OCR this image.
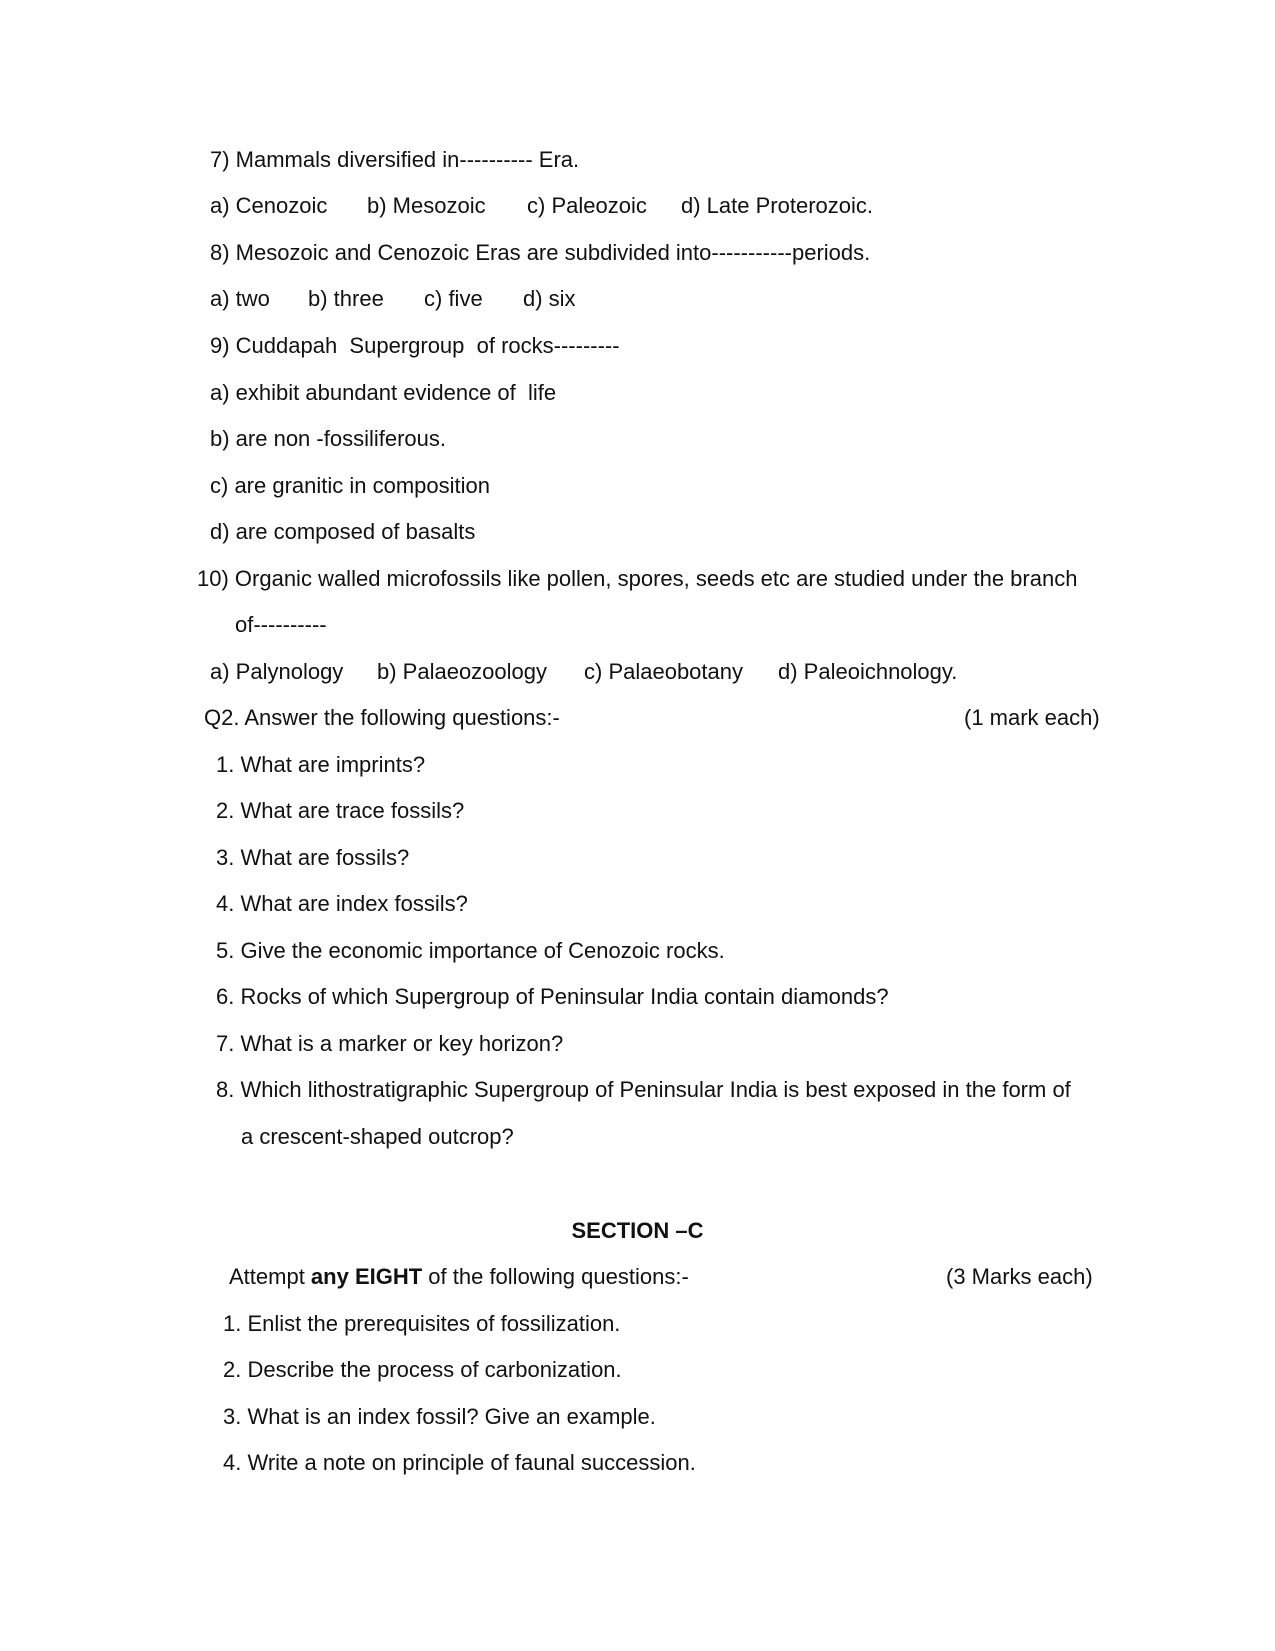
7) Mammals diversified in---------- Era.
a) Cenozoic b) Mesozoic c) Paleozoic d) Late Proterozoic.
8) Mesozoic and Cenozoic Eras are subdivided into-----------periods.
a) two b) three c) five d) six
9) Cuddapah  Supergroup  of rocks---------
a) exhibit abundant evidence of  life
b) are non -fossiliferous.
c) are granitic in composition
d) are composed of basalts
10) Organic walled microfossils like pollen, spores, seeds etc are studied under the branch
of----------
a) Palynology b) Palaeozoology c) Palaeobotany d) Paleoichnology.
Q2. Answer the following questions:-	(1 mark each)
1. What are imprints?
2. What are trace fossils?
3. What are fossils?
4. What are index fossils?
5. Give the economic importance of Cenozoic rocks.
6. Rocks of which Supergroup of Peninsular India contain diamonds?
7. What is a marker or key horizon?
8. Which lithostratigraphic Supergroup of Peninsular India is best exposed in the form of
a crescent-shaped outcrop?
SECTION –C
Attempt any EIGHT of the following questions:-	(3 Marks each)
1. Enlist the prerequisites of fossilization.
2. Describe the process of carbonization.
3. What is an index fossil? Give an example.
4. Write a note on principle of faunal succession.
